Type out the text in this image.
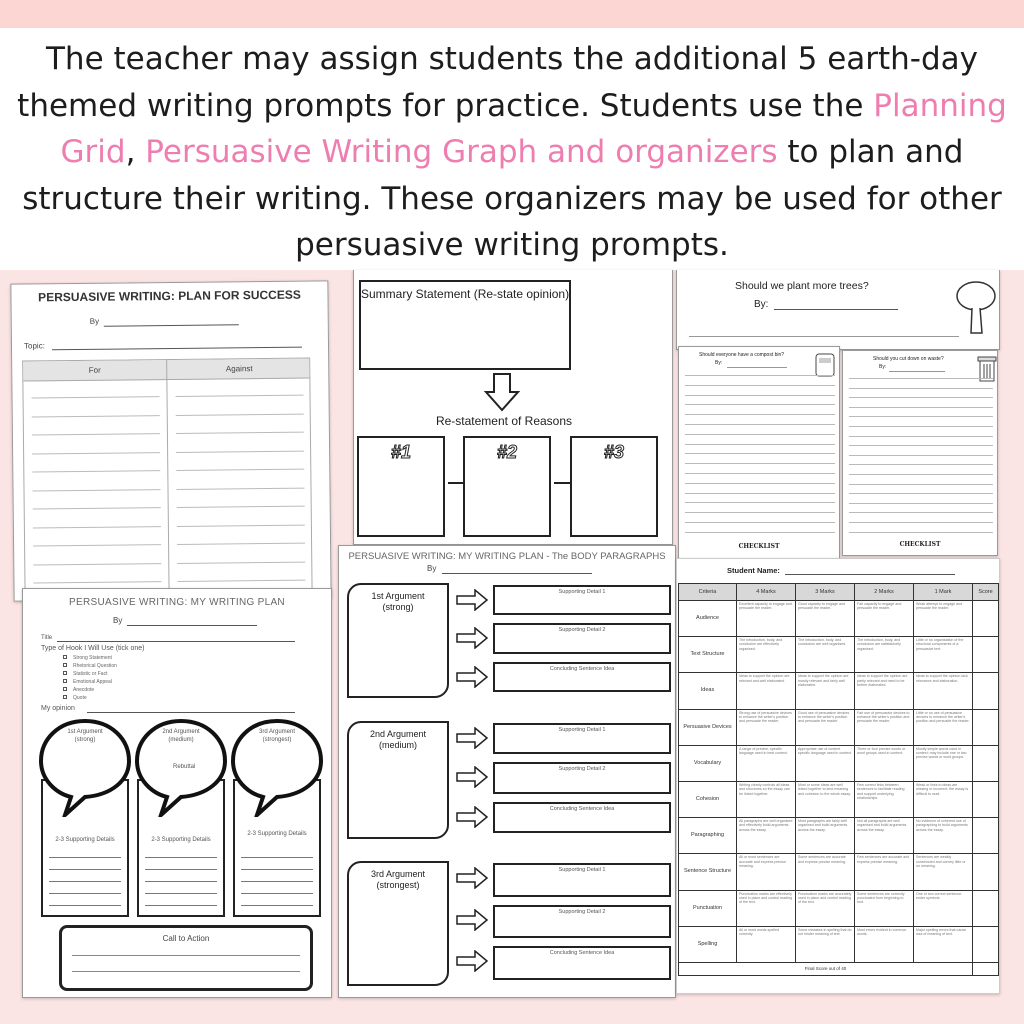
The teacher may assign students the additional 5 earth-day themed writing prompts for practice. Students use the Planning Grid, Persuasive Writing Graph and organizers to plan and structure their writing. These organizers may be used for other persuasive writing prompts.
PERSUASIVE WRITING: PLAN FOR SUCCESS
By
Topic:
For	Against
PERSUASIVE WRITING: MY WRITING PLAN
By
Title
Type of Hook I Will Use (tick one)
Strong Statement
Rhetorical Question
Statistic or Fact
Emotional Appeal
Anecdote
Quote
My opinion
1st Argument
(strong)
2-3 Supporting Details
2nd Argument
(medium)
2-3 Supporting Details
3rd Argument
(strongest)
2-3 Supporting Details
Rebuttal
Call to Action
Summary Statement (Re-state opinion)
Re-statement of Reasons
#1	#2	#3
PERSUASIVE WRITING: MY WRITING PLAN - The BODY PARAGRAPHS
By
1st Argument
(strong)
Supporting Detail 1
Supporting Detail 2
Concluding Sentence Idea
2nd Argument
(medium)
Supporting Detail 1
Supporting Detail 2
Concluding Sentence Idea
3rd Argument
(strongest)
Supporting Detail 1
Supporting Detail 2
Concluding Sentence Idea
Should we plant more trees?
By:
Should everyone have a compost bin?
By:
CHECKLIST
Should you cut down on waste?
By:
CHECKLIST
Student Name:
Criteria	4 Marks	3 Marks	2 Marks	1 Mark	Score
Audience	Excellent capacity to engage and persuade the reader.	Good capacity to engage and persuade the reader.	Fair capacity to engage and persuade the reader.	Weak attempt to engage and persuade the reader.	
Text Structure	The introduction, body, and conclusion are effectively organised.	The introduction, body, and conclusion are well organised.	The introduction, body, and conclusion are satisfactorily organised.	Little or no organisation of the structural components of a persuasive text.	
Ideas	Ideas to support the opinion are relevant and well elaborated.	Ideas to support the opinion are mostly relevant and fairly well elaborated.	Ideas to support the opinion are partly relevant and need to be further elaborated.	Ideas to support the opinion lack relevance and elaboration.	
Persuasive Devices	Strong use of persuasive devices to enhance the writer's position and persuade the reader.	Good use of persuasive devices to enhance the writer's position and persuade the reader.	Fair use of persuasive devices to enhance the writer's position and persuade the reader.	Little or no use of persuasive devices to enhance the writer's position and persuade the reader.	
Vocabulary	A range of precise, specific language used in best context.	Appropriate use of content specific language used in context.	Three or four precise words or word groups used in context.	Mostly simple words used in context; may include one or two precise words or word groups.	
Cohesion	Writing clearly controls all ideas and structures so the essay can be linked together.	Most or some ideas are well linked together to lend meaning and cohesion to the whole essay.	Few correct links between sentences to facilitate reading and support underlying relationships.	Weak or links to ideas are missing or incorrect; the essay is difficult to read.	
Paragraphing	All paragraphs are well organised and effectively build arguments across the essay.	Most paragraphs are fairly well organised and build arguments across the essay.	Not all paragraphs are well organised and build arguments across the essay.	No evidence of coherent use of paragraphing to build arguments across the essay.	
Sentence Structure	All or most sentences are accurate and express precise meaning.	Some sentences are accurate and express precise meaning.	Few sentences are accurate and express precise meaning.	Sentences are weakly constructed and convey little or no meaning.	
Punctuation	Punctuation marks are effectively used in place and control reading of the text.	Punctuation marks are accurately used in place and control reading of the text.	Some sentences are correctly punctuated from beginning to end.	One or two correct sentence-ender symbols.	
Spelling	All or most words spelled correctly.	Some mistakes in spelling that do not hinder meaning of text.	Most errors evident in common words.	Major spelling errors that cause loss of meaning of text.	
Final Score out of 40					
